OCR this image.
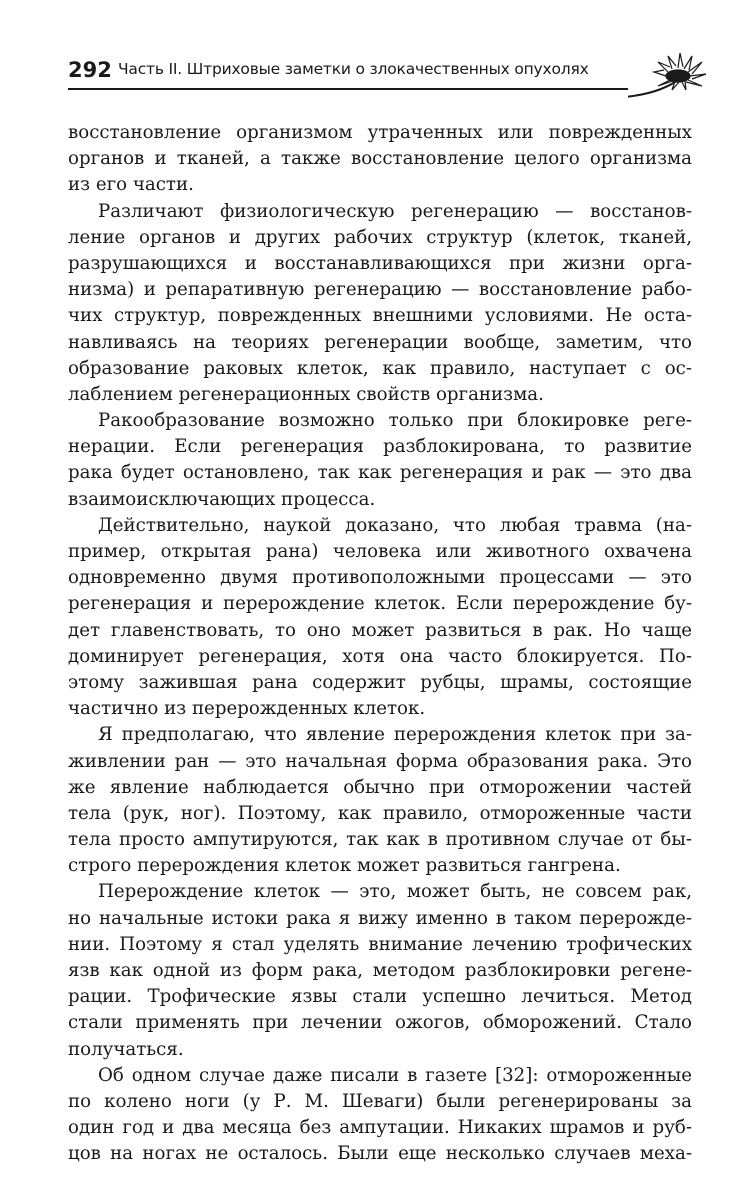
292 Часть II. Штриховые заметки о злокачественных опухолях
восстановление организмом утраченных или поврежденных
органов и тканей, а также восстановление целого организма
из его части.
Различают физиологическую регенерацию — восстанов-
ление органов и других рабочих структур (клеток, тканей,
разрушающихся и восстанавливающихся при жизни орга-
низма) и репаративную регенерацию — восстановление рабо-
чих структур, поврежденных внешними условиями. Не оста-
навливаясь на теориях регенерации вообще, заметим, что
образование раковых клеток, как правило, наступает с ос-
лаблением регенерационных свойств организма.
Ракообразование возможно только при блокировке реге-
нерации. Если регенерация разблокирована, то развитие
рака будет остановлено, так как регенерация и рак — это два
взаимоисключающих процесса.
Действительно, наукой доказано, что любая травма (на-
пример, открытая рана) человека или животного охвачена
одновременно двумя противоположными процессами — это
регенерация и перерождение клеток. Если перерождение бу-
дет главенствовать, то оно может развиться в рак. Но чаще
доминирует регенерация, хотя она часто блокируется. По-
этому зажившая рана содержит рубцы, шрамы, состоящие
частично из перерожденных клеток.
Я предполагаю, что явление перерождения клеток при за-
живлении ран — это начальная форма образования рака. Это
же явление наблюдается обычно при отморожении частей
тела (рук, ног). Поэтому, как правило, отмороженные части
тела просто ампутируются, так как в противном случае от бы-
строго перерождения клеток может развиться гангрена.
Перерождение клеток — это, может быть, не совсем рак,
но начальные истоки рака я вижу именно в таком перерожде-
нии. Поэтому я стал уделять внимание лечению трофических
язв как одной из форм рака, методом разблокировки регене-
рации. Трофические язвы стали успешно лечиться. Метод
стали применять при лечении ожогов, обморожений. Стало
получаться.
Об одном случае даже писали в газете [32]: отмороженные
по колено ноги (у Р. М. Шеваги) были регенерированы за
один год и два месяца без ампутации. Никаких шрамов и руб-
цов на ногах не осталось. Были еще несколько случаев меха-
